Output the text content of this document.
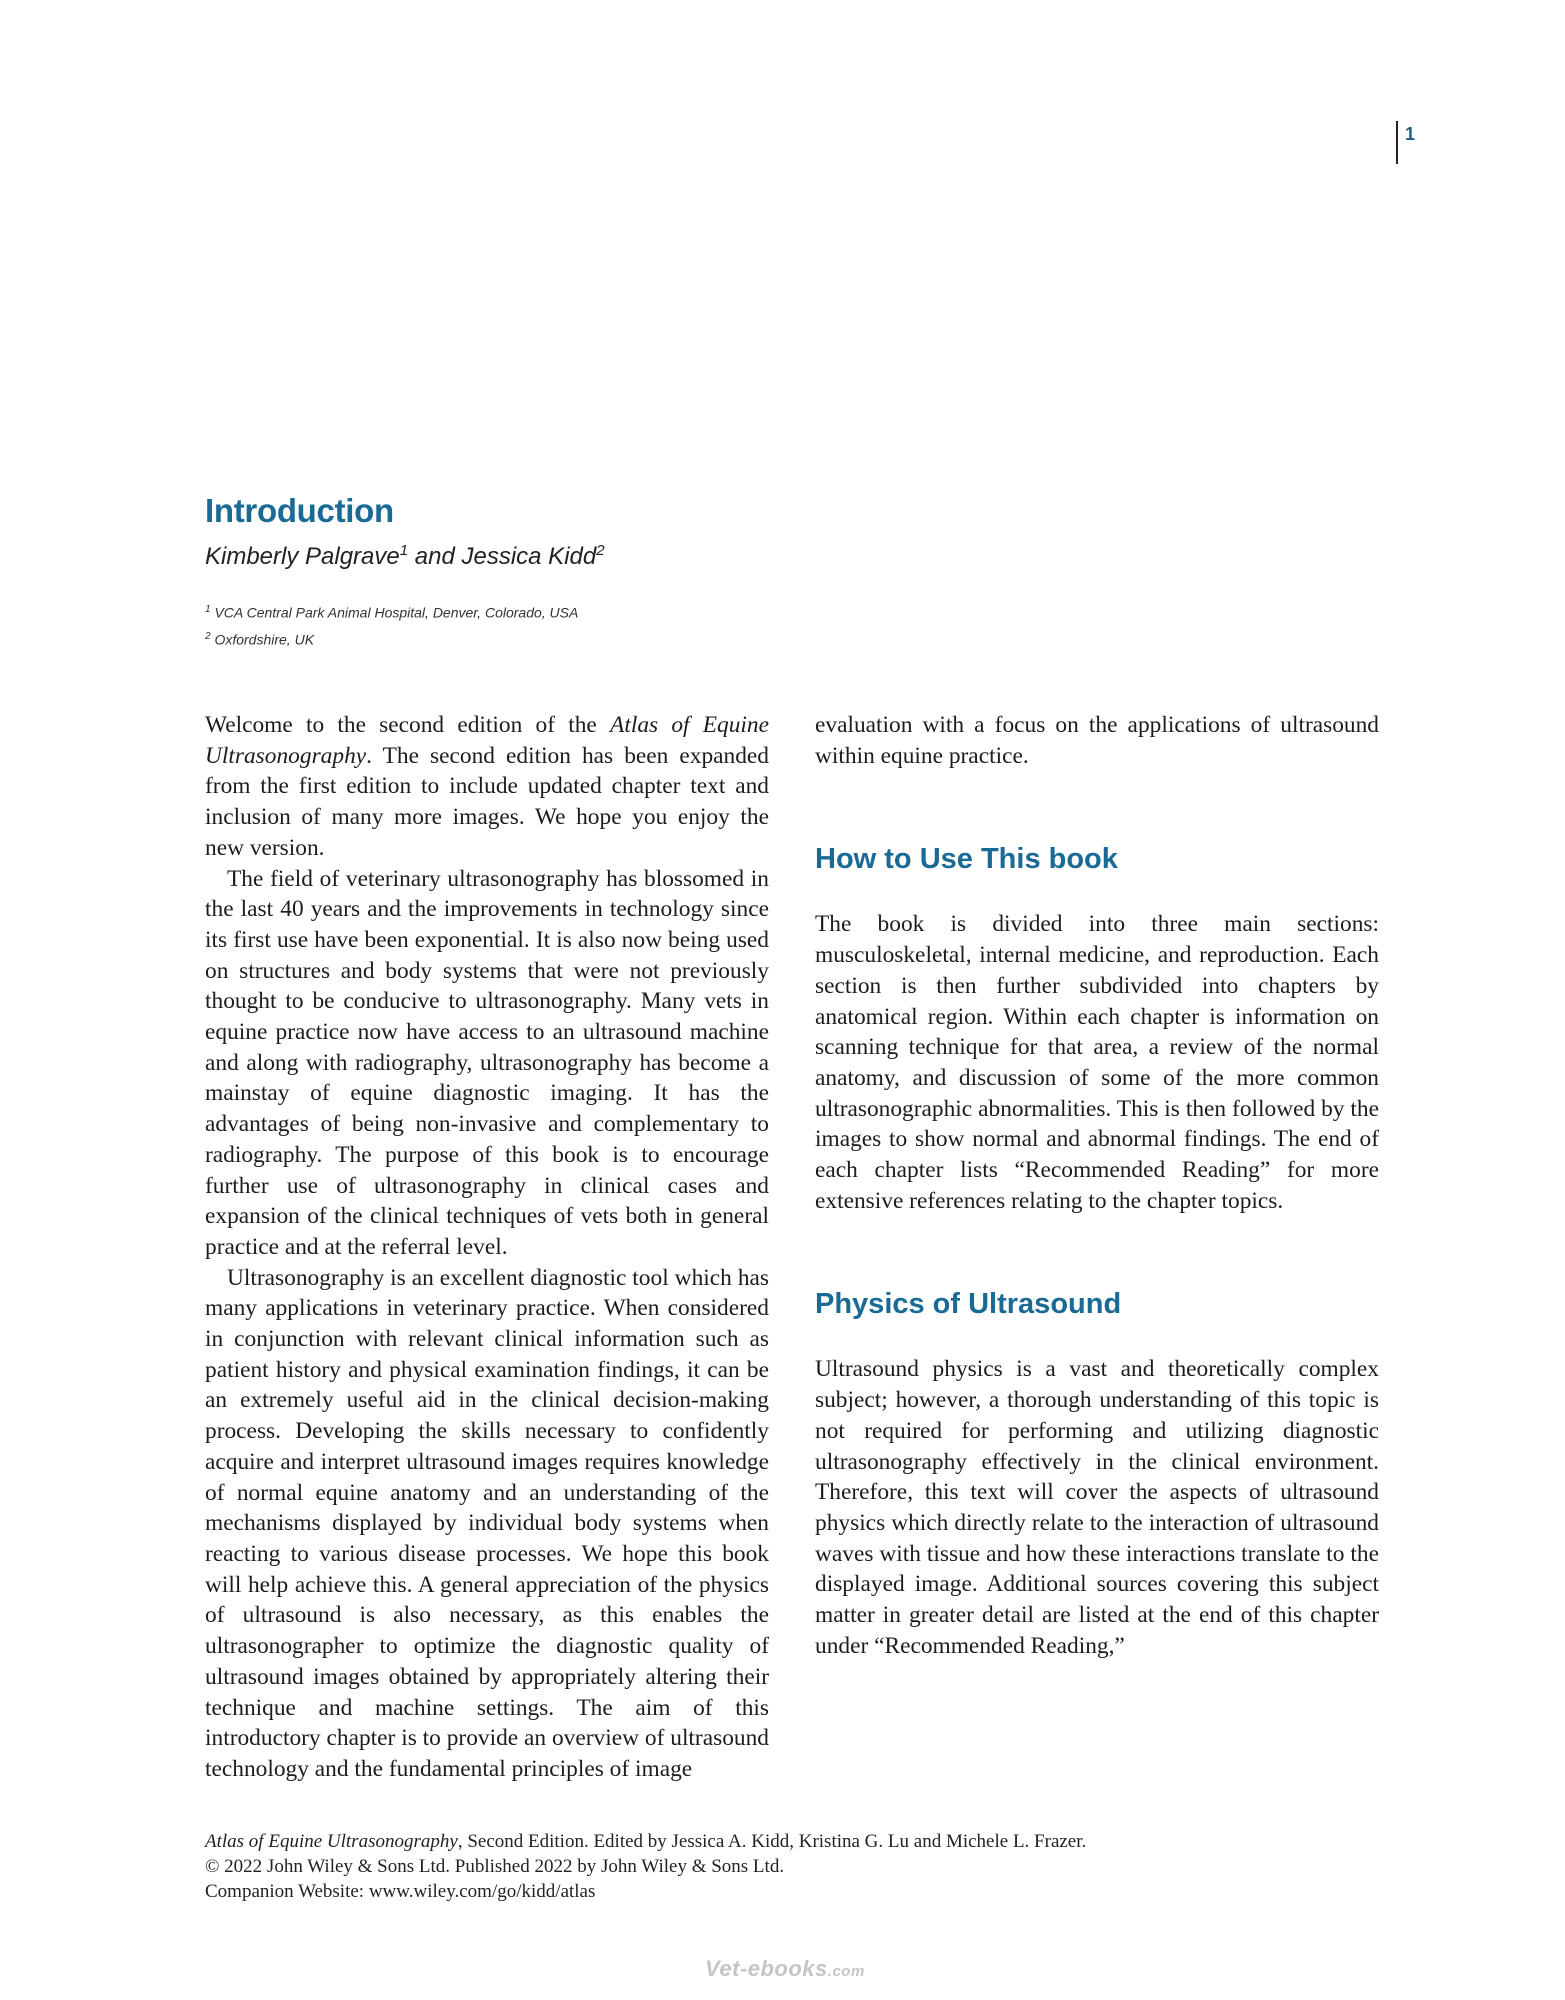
1
Introduction
Kimberly Palgrave$^1$ and Jessica Kidd$^2$
$^1$ VCA Central Park Animal Hospital, Denver, Colorado, USA
$^2$ Oxfordshire, UK

Welcome to the second edition of the Atlas of Equine Ultrasonography. The second edition has been expanded from the first edition to include updated chapter text and inclusion of many more images. We hope you enjoy the new version.

The field of veterinary ultrasonography has blossomed in the last 40 years and the improvements in technology since its first use have been exponential. It is also now being used on structures and body systems that were not previously thought to be conducive to ultrasonography. Many vets in equine practice now have access to an ultrasound machine and along with radiography, ultrasonography has become a mainstay of equine diagnostic imaging. It has the advantages of being non-invasive and complementary to radiography. The purpose of this book is to encourage further use of ultrasonography in clinical cases and expansion of the clinical techniques of vets both in general practice and at the referral level.

Ultrasonography is an excellent diagnostic tool which has many applications in veterinary practice. When considered in conjunction with relevant clinical information such as patient history and physical examination findings, it can be an extremely useful aid in the clinical decision-making process. Developing the skills necessary to confidently acquire and interpret ultrasound images requires knowledge of normal equine anatomy and an understanding of the mechanisms displayed by individual body systems when reacting to various disease processes. We hope this book will help achieve this. A general appreciation of the physics of ultrasound is also necessary, as this enables the ultrasonographer to optimize the diagnostic quality of ultrasound images obtained by appropriately altering their technique and machine settings. The aim of this introductory chapter is to provide an overview of ultrasound technology and the fundamental principles of image

evaluation with a focus on the applications of ultrasound within equine practice.

How to Use This book

The book is divided into three main sections: musculoskeletal, internal medicine, and reproduction. Each section is then further subdivided into chapters by anatomical region. Within each chapter is information on scanning technique for that area, a review of the normal anatomy, and discussion of some of the more common ultrasonographic abnormalities. This is then followed by the images to show normal and abnormal findings. The end of each chapter lists “Recommended Reading” for more extensive references relating to the chapter topics.

Physics of Ultrasound

Ultrasound physics is a vast and theoretically complex subject; however, a thorough understanding of this topic is not required for performing and utilizing diagnostic ultrasonography effectively in the clinical environment. Therefore, this text will cover the aspects of ultrasound physics which directly relate to the interaction of ultrasound waves with tissue and how these interactions translate to the displayed image. Additional sources covering this subject matter in greater detail are listed at the end of this chapter under “Recommended Reading,”

Atlas of Equine Ultrasonography, Second Edition. Edited by Jessica A. Kidd, Kristina G. Lu and Michele L. Frazer.
© 2022 John Wiley & Sons Ltd. Published 2022 by John Wiley & Sons Ltd.
Companion Website: www.wiley.com/go/kidd/atlas
Vet-ebooks.com
